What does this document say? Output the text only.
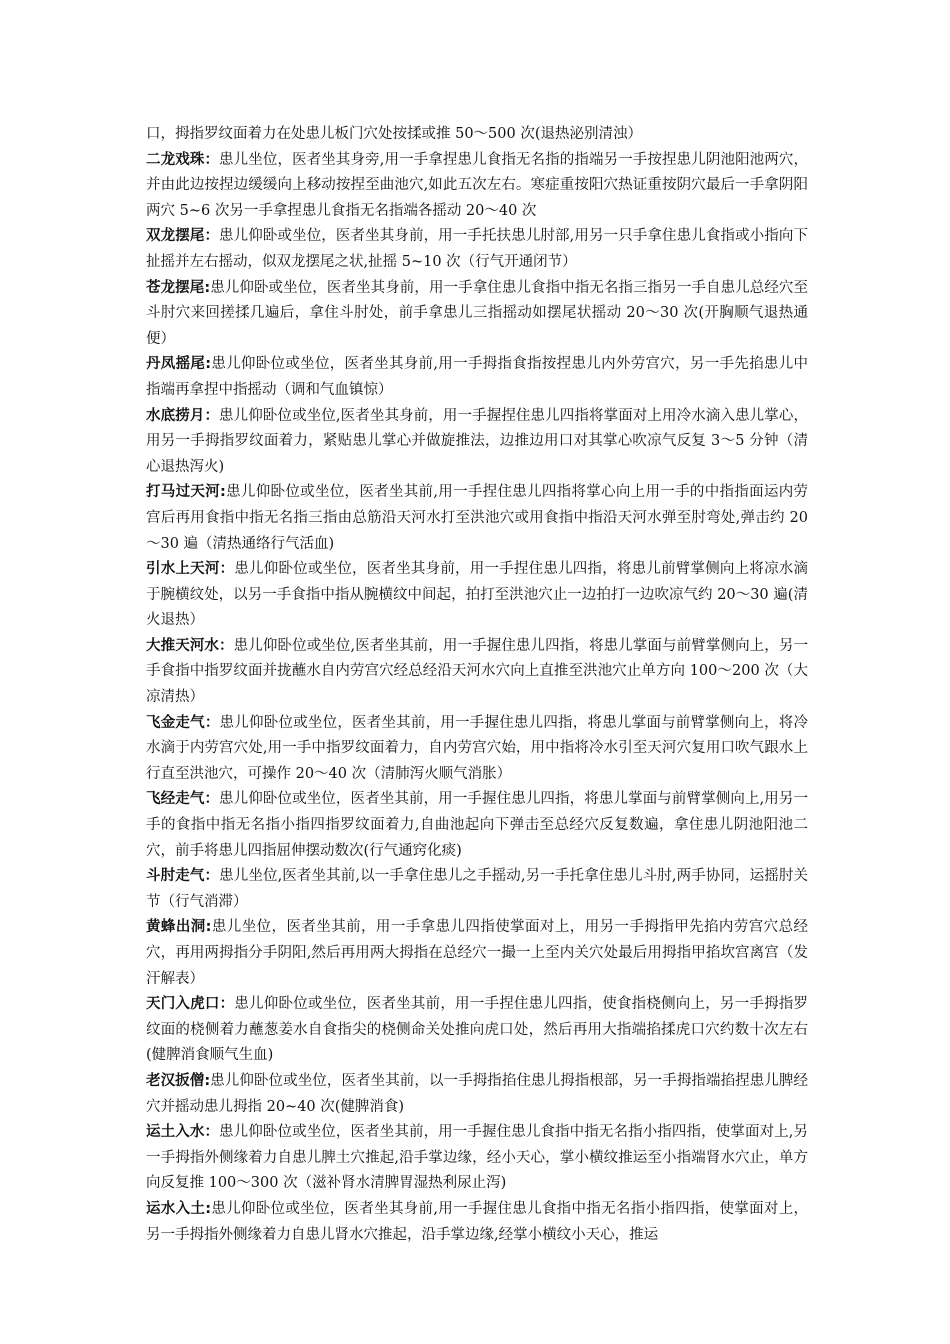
口，拇指罗纹面着力在处患儿板门穴处按揉或推 50～500 次(退热泌别清浊）

二龙戏珠：患儿坐位，医者坐其身旁,用一手拿捏患儿食指无名指的指端另一手按捏患儿阴池阳池两穴，并由此边按捏边缓缓向上移动按捏至曲池穴,如此五次左右。寒症重按阳穴热证重按阴穴最后一手拿阴阳两穴 5~6 次另一手拿捏患儿食指无名指端各摇动 20～40 次

双龙摆尾：患儿仰卧或坐位，医者坐其身前，用一手托扶患儿肘部,用另一只手拿住患儿食指或小指向下扯摇并左右摇动，似双龙摆尾之状,扯摇 5~10 次（行气开通闭节）

苍龙摆尾:患儿仰卧或坐位，医者坐其身前，用一手拿住患儿食指中指无名指三指另一手自患儿总经穴至斗肘穴来回搓揉几遍后，拿住斗肘处，前手拿患儿三指摇动如摆尾状摇动 20～30 次(开胸顺气退热通便）

丹凤摇尾:患儿仰卧位或坐位，医者坐其身前,用一手拇指食指按捏患儿内外劳宫穴，另一手先掐患儿中指端再拿捏中指摇动（调和气血镇惊）

水底捞月：患儿仰卧位或坐位,医者坐其身前，用一手握捏住患儿四指将掌面对上用冷水滴入患儿掌心，用另一手拇指罗纹面着力，紧贴患儿掌心并做旋推法，边推边用口对其掌心吹凉气反复 3～5 分钟（清心退热泻火)

打马过天河:患儿仰卧位或坐位，医者坐其前,用一手捏住患儿四指将掌心向上用一手的中指指面运内劳宫后再用食指中指无名指三指由总筋沿天河水打至洪池穴或用食指中指沿天河水弹至肘弯处,弹击约 20～30 遍（清热通络行气活血)

引水上天河：患儿仰卧位或坐位，医者坐其身前，用一手捏住患儿四指，将患儿前臂掌侧向上将凉水滴于腕横纹处，以另一手食指中指从腕横纹中间起，拍打至洪池穴止一边拍打一边吹凉气约 20～30 遍(清火退热）

大推天河水：患儿仰卧位或坐位,医者坐其前，用一手握住患儿四指，将患儿掌面与前臂掌侧向上，另一手食指中指罗纹面并拢蘸水自内劳宫穴经总经沿天河水穴向上直推至洪池穴止单方向 100～200 次（大凉清热）

飞金走气：患儿仰卧位或坐位，医者坐其前，用一手握住患儿四指，将患儿掌面与前臂掌侧向上，将冷水滴于内劳宫穴处,用一手中指罗纹面着力，自内劳宫穴始，用中指将冷水引至天河穴复用口吹气跟水上行直至洪池穴，可操作 20～40 次（清肺泻火顺气消胀）

飞经走气：患儿仰卧位或坐位，医者坐其前，用一手握住患儿四指，将患儿掌面与前臂掌侧向上,用另一手的食指中指无名指小指四指罗纹面着力,自曲池起向下弹击至总经穴反复数遍，拿住患儿阴池阳池二穴，前手将患儿四指屈伸摆动数次(行气通窍化痰)

斗肘走气：患儿坐位,医者坐其前,以一手拿住患儿之手摇动,另一手托拿住患儿斗肘,两手协同，运摇肘关节（行气消滞）

黄蜂出洞:患儿坐位，医者坐其前，用一手拿患儿四指使掌面对上，用另一手拇指甲先掐内劳宫穴总经穴，再用两拇指分手阴阳,然后再用两大拇指在总经穴一撮一上至内关穴处最后用拇指甲掐坎宫离宫（发汗解表）

天门入虎口：患儿仰卧位或坐位，医者坐其前，用一手捏住患儿四指，使食指桡侧向上，另一手拇指罗纹面的桡侧着力蘸葱姜水自食指尖的桡侧命关处推向虎口处，然后再用大指端掐揉虎口穴约数十次左右(健脾消食顺气生血)

老汉扳僧:患儿仰卧位或坐位，医者坐其前，以一手拇指掐住患儿拇指根部，另一手拇指端掐捏患儿脾经穴并摇动患儿拇指 20~40 次(健脾消食)

运土入水：患儿仰卧位或坐位，医者坐其前，用一手握住患儿食指中指无名指小指四指，使掌面对上,另一手拇指外侧缘着力自患儿脾土穴推起,沿手掌边缘，经小天心，掌小横纹推运至小指端肾水穴止，单方向反复推 100～300 次（滋补肾水清脾胃湿热利尿止泻)

运水入土:患儿仰卧位或坐位，医者坐其身前,用一手握住患儿食指中指无名指小指四指，使掌面对上，另一手拇指外侧缘着力自患儿肾水穴推起，沿手掌边缘,经掌小横纹小天心，推运
